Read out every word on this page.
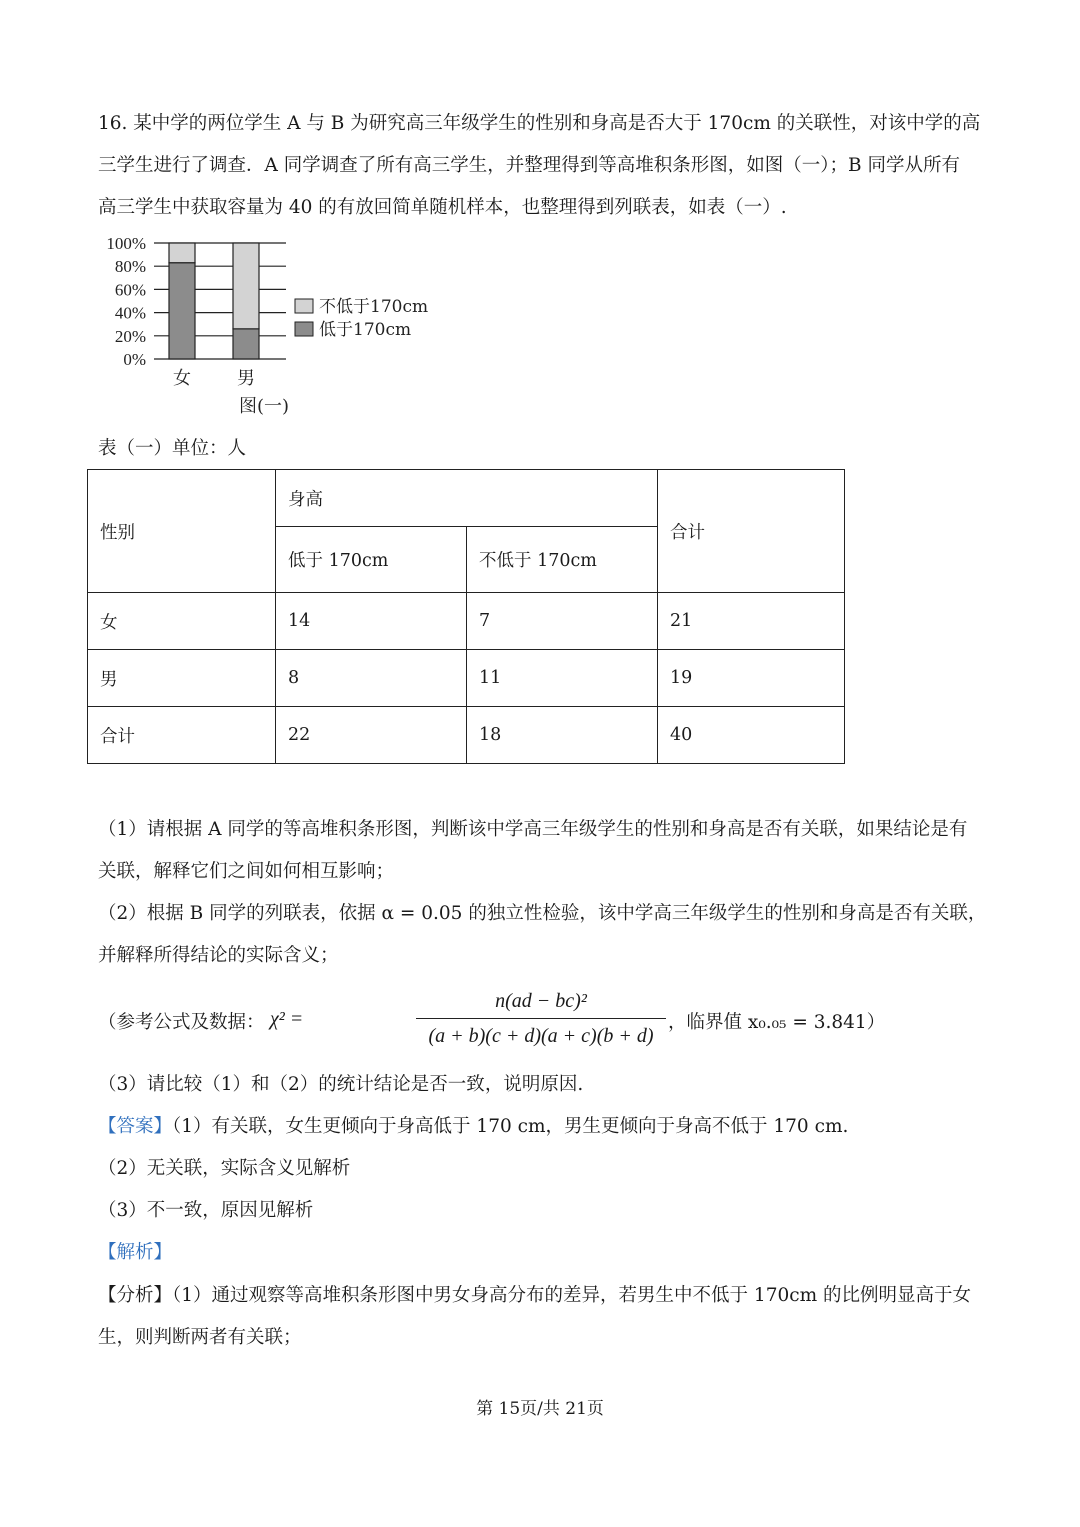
16. 某中学的两位学生 A 与 B 为研究高三年级学生的性别和身高是否大于 170cm 的关联性，对该中学的高
三学生进行了调查．A 同学调查了所有高三学生，并整理得到等高堆积条形图，如图（一）；B 同学从所有
高三学生中获取容量为 40 的有放回简单随机样本，也整理得到列联表，如表（一）.
0%
20%
40%
60%
80%
100%
女	男
不低于170cm
低于170cm
图(一)
表（一）单位：人
性别	身高		合计
	低于 170cm	不低于 170cm	
女	14	7	21
男	8	11	19
合计	22	18	40
（1）请根据 A 同学的等高堆积条形图，判断该中学高三年级学生的性别和身高是否有关联，如果结论是有
关联，解释它们之间如何相互影响；
（2）根据 B 同学的列联表，依据 α = 0.05 的独立性检验，该中学高三年级学生的性别和身高是否有关联，
并解释所得结论的实际含义；
（参考公式及数据： χ² =
n(ad − bc)²
(a + b)(c + d)(a + c)(b + d)
，临界值 x₀.₀₅ = 3.841）
（3）请比较（1）和（2）的统计结论是否一致，说明原因.
【答案】（1）有关联，女生更倾向于身高低于 170 cm，男生更倾向于身高不低于 170 cm.
（2）无关联，实际含义见解析
（3）不一致，原因见解析
【解析】
【分析】（1）通过观察等高堆积条形图中男女身高分布的差异，若男生中不低于 170cm 的比例明显高于女
生，则判断两者有关联；
第 15页/共 21页
